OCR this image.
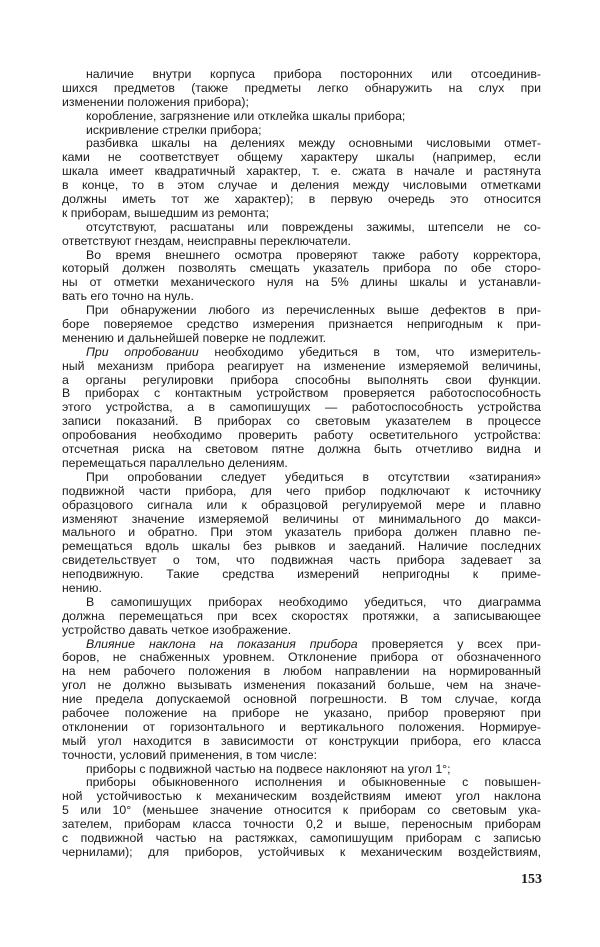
наличие внутри корпуса прибора посторонних или отсоединив-
шихся предметов (также предметы легко обнаружить на слух при
изменении положения прибора);
коробление, загрязнение или отклейка шкалы прибора;
искривление стрелки прибора;
разбивка шкалы на делениях между основными числовыми отмет-
ками не соответствует общему характеру шкалы (например, если
шкала имеет квадратичный характер, т. е. сжата в начале и растянута
в конце, то в этом случае и деления между числовыми отметками
должны иметь тот же характер); в первую очередь это относится
к приборам, вышедшим из ремонта;
отсутствуют, расшатаны или повреждены зажимы, штепсели не со-
ответствуют гнездам, неисправны переключатели.
Во время внешнего осмотра проверяют также работу корректора,
который должен позволять смещать указатель прибора по обе сторо-
ны от отметки механического нуля на 5% длины шкалы и устанавли-
вать его точно на нуль.
При обнаружении любого из перечисленных выше дефектов в при-
боре поверяемое средство измерения признается непригодным к при-
менению и дальнейшей поверке не подлежит.
При опробовании необходимо убедиться в том, что измеритель-
ный механизм прибора реагирует на изменение измеряемой величины,
а органы регулировки прибора способны выполнять свои функции.
В приборах с контактным устройством проверяется работоспособность
этого устройства, а в самопишущих — работоспособность устройства
записи показаний. В приборах со световым указателем в процессе
опробования необходимо проверить работу осветительного устройства:
отсчетная риска на световом пятне должна быть отчетливо видна и
перемещаться параллельно делениям.
При опробовании следует убедиться в отсутствии «затирания»
подвижной части прибора, для чего прибор подключают к источнику
образцового сигнала или к образцовой регулируемой мере и плавно
изменяют значение измеряемой величины от минимального до макси-
мального и обратно. При этом указатель прибора должен плавно пе-
ремещаться вдоль шкалы без рывков и заеданий. Наличие последних
свидетельствует о том, что подвижная часть прибора задевает за
неподвижную. Такие средства измерений непригодны к приме-
нению.
В самопишущих приборах необходимо убедиться, что диаграмма
должна перемещаться при всех скоростях протяжки, а записывающее
устройство давать четкое изображение.
Влияние наклона на показания прибора проверяется у всех при-
боров, не снабженных уровнем. Отклонение прибора от обозначенного
на нем рабочего положения в любом направлении на нормированный
угол не должно вызывать изменения показаний больше, чем на значе-
ние предела допускаемой основной погрешности. В том случае, когда
рабочее положение на приборе не указано, прибор проверяют при
отклонении от горизонтального и вертикального положения. Нормируе-
мый угол находится в зависимости от конструкции прибора, его класса
точности, условий применения, в том числе:
приборы с подвижной частью на подвесе наклоняют на угол 1°;
приборы обыкновенного исполнения и обыкновенные с повышен-
ной устойчивостью к механическим воздействиям имеют угол наклона
5 или 10° (меньшее значение относится к приборам со световым ука-
зателем, приборам класса точности 0,2 и выше, переносным приборам
с подвижной частью на растяжках, самопишущим приборам с записью
чернилами); для приборов, устойчивых к механическим воздействиям,
153
